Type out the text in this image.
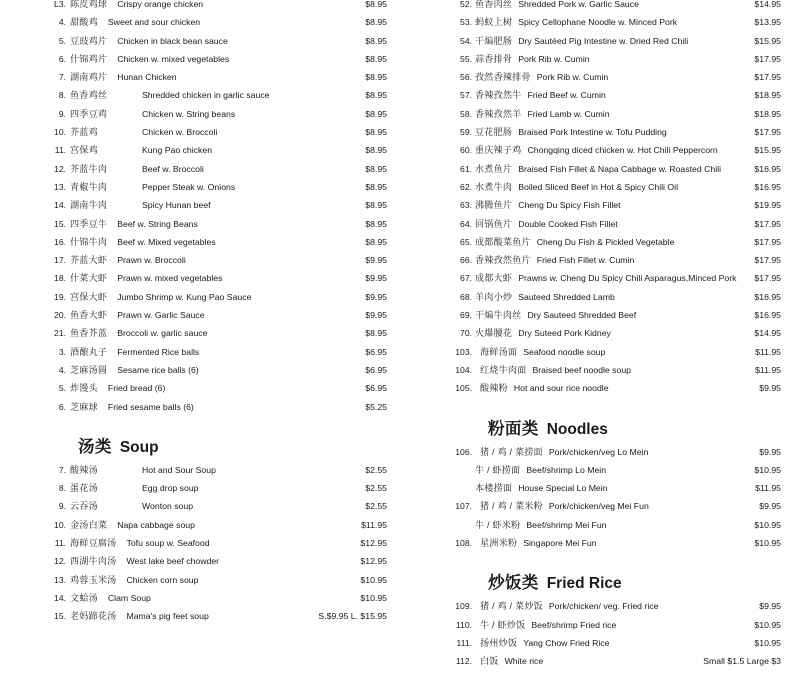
L3. 陈皮鸡球	Crispy orange chicken	$8.95
4. 甜酸鸡	Sweet and sour chicken	$8.95
5. 豆豉鸡片	Chicken in black bean sauce	$8.95
6. 什锦鸡片	Chicken w. mixed vegetables	$8.95
7. 湖南鸡片	Hunan Chicken	$8.95
8. 鱼香鸡丝	Shredded chicken in garlic sauce	$8.95
9. 四季豆鸡	Chicken w. String beans	$8.95
10. 芥蓝鸡	Chicken w. Broccoli	$8.95
11. 宫保鸡	Kung Pao chicken	$8.95
12. 芥蓝牛肉	Beef w. Broccoli	$8.95
13. 青椒牛肉	Pepper Steak w. Onions	$8.95
14. 湖南牛肉	Spicy Hunan beef	$8.95
15. 四季豆牛	Beef w. String Beans	$8.95
16. 什锦牛肉	Beef w. Mixed vegetables	$8.95
17. 芥蓝大虾	Prawn w. Broccoli	$9.95
18. 什菜大虾	Prawn w. mixed vegetables	$9.95
19. 宫保大虾	Jumbo Shrimp w. Kung Pao Sauce	$9.95
20. 鱼香大虾	Prawn w. Garlic Sauce	$9.95
21. 鱼香芥蓝	Broccoli w. garlic sauce	$8.95
3. 酒酿丸子	Fermented Rice balls	$6.95
4. 芝麻汤圆	Sesame rice balls (6)	$6.95
5. 炸馒头	Fried bread (6)	$6.95
6. 芝麻球	Fried sesame balls (6)	$5.25
汤类 Soup
7. 酸辣汤	Hot and Sour Soup	$2.55
8. 蛋花汤	Egg drop soup	$2.55
9. 云吞汤	Wonton soup	$2.55
10. 金汤白菜	Napa cabbage soup	$11.95
11. 海鲜豆腐汤	Tofu soup w. Seafood	$12.95
12. 西湖牛肉汤	West lake beef chowder	$12.95
13. 鸡蓉玉米汤	Chicken corn soup	$10.95
14. 文蛤汤	Clam Soup	$10.95
15. 老妈蹄花汤	Mama's pig feet soup	S.$9.95 L. $15.95
52. 鱼香肉丝 Shredded Pork w. Garlic Sauce	$14.95
53. 蚂蚁上树 Spicy Cellophane Noodle w. Minced Pork	$13.95
54. 干煸肥肠 Dry Sautéed Pig Intestine w. Dried Red Chili	$15.95
55. 蒜香排骨 Pork Rib w. Cumin	$17.95
56. 孜然香辣排骨 Pork Rib w. Cumin	$17.95
57. 香辣孜然牛 Fried Beef w. Cumin	$18.95
58. 香辣孜然羊 Fried Lamb w. Cumin	$18.95
59. 豆花肥肠 Braised Pork Intestine w. Tofu Pudding	$17.95
60. 重庆辣子鸡 Chongqing diced chicken w. Hot Chili Peppercorn	$15.95
61. 水煮鱼片 Braised Fish Fillet & Napa Cabbage w. Roasted Chili	$16.95
62. 水煮牛肉 Boiled Sliced Beef in Hot & Spicy Chili Oil	$16.95
63. 沸腾鱼片 Cheng Du Spicy Fish Fillet	$19.95
64. 回锅鱼片 Double Cooked Fish Fillet	$17.95
65. 成都酸菜鱼片 Cheng Du Fish & Pickled Vegetable	$17.95
66. 香辣孜然鱼片 Fried Fish Fillet w. Cumin	$17.95
67. 成都大虾 Prawns w. Cheng Du Spicy Chili Asparagus,Minced Pork	$17.95
68. 羊肉小炒 Sauteed Shredded Lamb	$16.95
69. 干煸牛肉丝 Dry Sauteed Shredded Beef	$16.95
70. 火爆腰花 Dry Suteed Pork Kidney	$14.95
103. 海鲜汤面 Seafood noodle soup	$11.95
104. 红烧牛肉面 Braised beef noodle soup	$11.95
105. 酸辣粉 Hot and sour rice noodle	$9.95
粉面类 Noodles
106. 猪 / 鸡 / 菜捞面 Pork/chicken/veg Lo Mein	$9.95
牛 / 虾捞面 Beef/shrimp Lo Mein	$10.95
本楼捞面 House Special Lo Mein	$11.95
107. 猪 / 鸡 / 菜米粉 Pork/chicken/veg Mei Fun	$9.95
牛 / 虾米粉 Beef/shrimp Mei Fun	$10.95
108. 星洲米粉 Singapore Mei Fun	$10.95
炒饭类 Fried Rice
109. 猪 / 鸡 / 菜炒饭 Pork/chicken/ veg. Fried rice	$9.95
110. 牛 / 虾炒饭 Beef/shrimp Fried rice	$10.95
111. 扬州炒饭 Yang Chow Fried Rice	$10.95
112. 白饭 White rice	Small $1.5 Large $3
